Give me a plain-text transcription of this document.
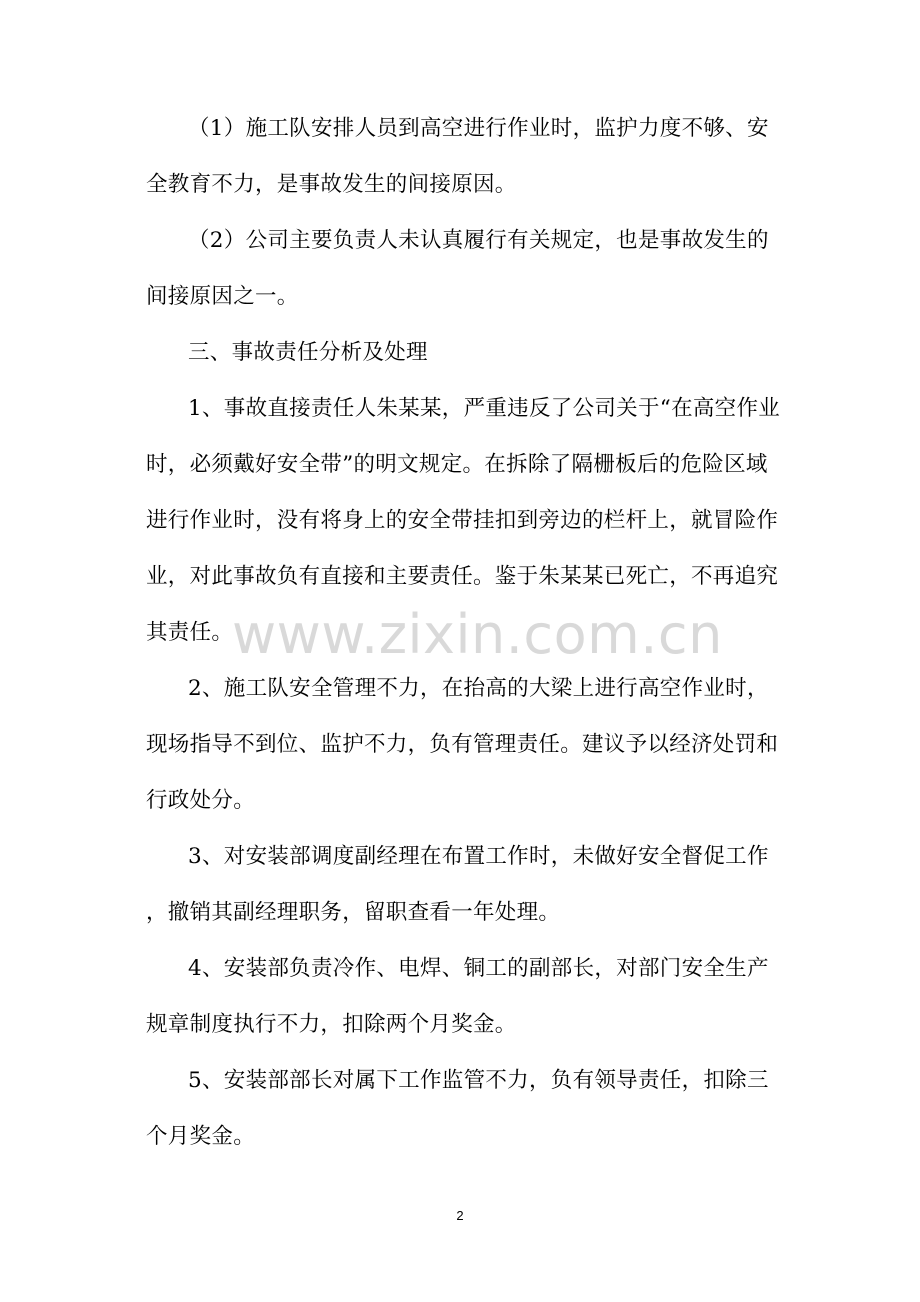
（1）施工队安排人员到高空进行作业时，监护力度不够、安
全教育不力，是事故发生的间接原因。
（2）公司主要负责人未认真履行有关规定，也是事故发生的
间接原因之一。
三、事故责任分析及处理
1、事故直接责任人朱某某，严重违反了公司关于“在高空作业
时，必须戴好安全带”的明文规定。在拆除了隔栅板后的危险区域
进行作业时，没有将身上的安全带挂扣到旁边的栏杆上，就冒险作
业，对此事故负有直接和主要责任。鉴于朱某某已死亡，不再追究
其责任。
2、施工队安全管理不力，在抬高的大梁上进行高空作业时，
现场指导不到位、监护不力，负有管理责任。建议予以经济处罚和
行政处分。
3、对安装部调度副经理在布置工作时，未做好安全督促工作
，撤销其副经理职务，留职查看一年处理。
4、安装部负责冷作、电焊、铜工的副部长，对部门安全生产
规章制度执行不力，扣除两个月奖金。
5、安装部部长对属下工作监管不力，负有领导责任，扣除三
个月奖金。
www.zixin.com.cn
2
